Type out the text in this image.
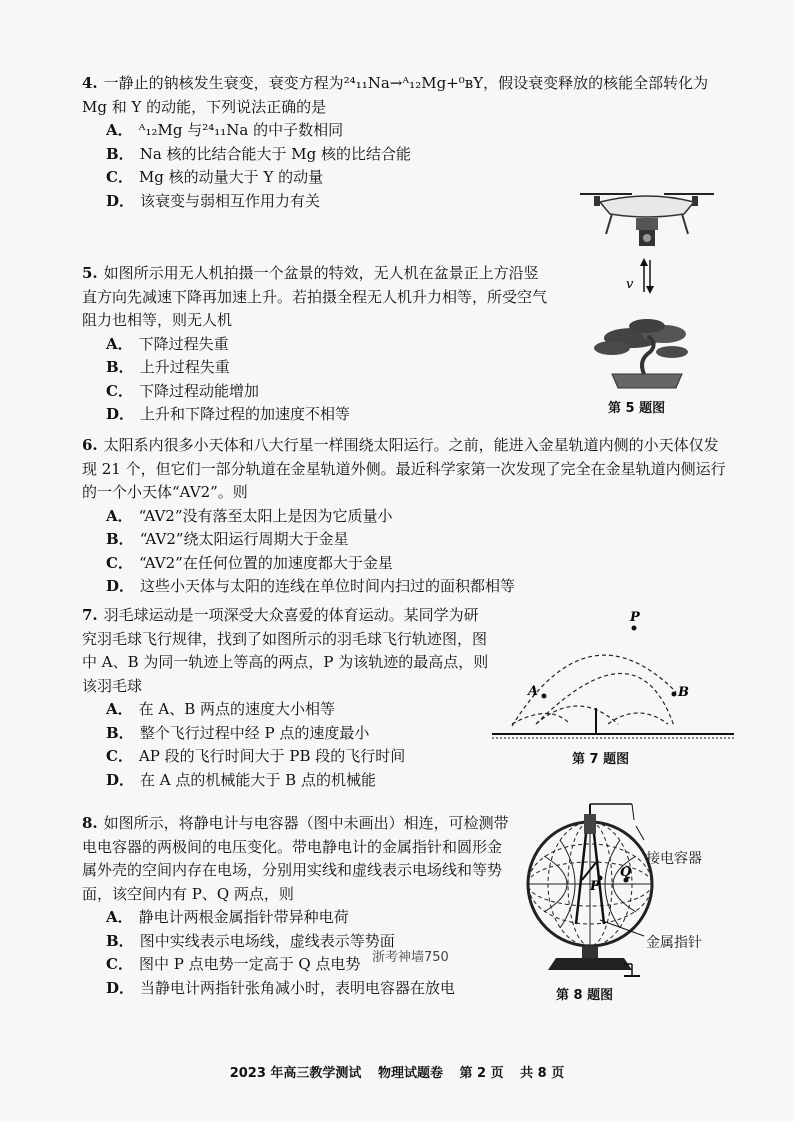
4. 一静止的钠核发生衰变，衰变方程为²⁴₁₁Na→ᴬ₁₂Mg+⁰ʙY，假设衰变释放的核能全部转化为Mg 和 Y 的动能，下列说法正确的是
A． ᴬ₁₂Mg 与²⁴₁₁Na 的中子数相同
B． Na 核的比结合能大于 Mg 核的比结合能
C． Mg 核的动量大于 Y 的动量
D． 该衰变与弱相互作用力有关
5. 如图所示用无人机拍摄一个盆景的特效，无人机在盆景正上方沿竖直方向先减速下降再加速上升。若拍摄全程无人机升力相等，所受空气阻力也相等，则无人机
A． 下降过程失重
B． 上升过程失重
C． 下降过程动能增加
D． 上升和下降过程的加速度不相等
v
第 5 题图
6. 太阳系内很多小天体和八大行星一样围绕太阳运行。之前，能进入金星轨道内侧的小天体仅发现 21 个，但它们一部分轨道在金星轨道外侧。最近科学家第一次发现了完全在金星轨道内侧运行的一个小天体“AV2”。则
A． “AV2”没有落至太阳上是因为它质量小
B． “AV2”绕太阳运行周期大于金星
C． “AV2”在任何位置的加速度都大于金星
D． 这些小天体与太阳的连线在单位时间内扫过的面积都相等
7. 羽毛球运动是一项深受大众喜爱的体育运动。某同学为研究羽毛球飞行规律，找到了如图所示的羽毛球飞行轨迹图，图中 A、B 为同一轨迹上等高的两点，P 为该轨迹的最高点，则该羽毛球
A． 在 A、B 两点的速度大小相等
B． 整个飞行过程中经 P 点的速度最小
C． AP 段的飞行时间大于 PB 段的飞行时间
D． 在 A 点的机械能大于 B 点的机械能
P
A	B
第 7 题图
8. 如图所示，将静电计与电容器（图中未画出）相连，可检测带电电容器的两极间的电压变化。带电静电计的金属指针和圆形金属外壳的空间内存在电场，分别用实线和虚线表示电场线和等势面，该空间内有 P、Q 两点，则
A． 静电计两根金属指针带异种电荷
B． 图中实线表示电场线，虚线表示等势面
C． 图中 P 点电势一定高于 Q 点电势
D． 当静电计两指针张角减小时，表明电容器在放电
P
Q
接电容器
金属指针
第 8 题图
浙考神墙750
2023 年高三教学测试 物理试题卷 第 2 页 共 8 页
